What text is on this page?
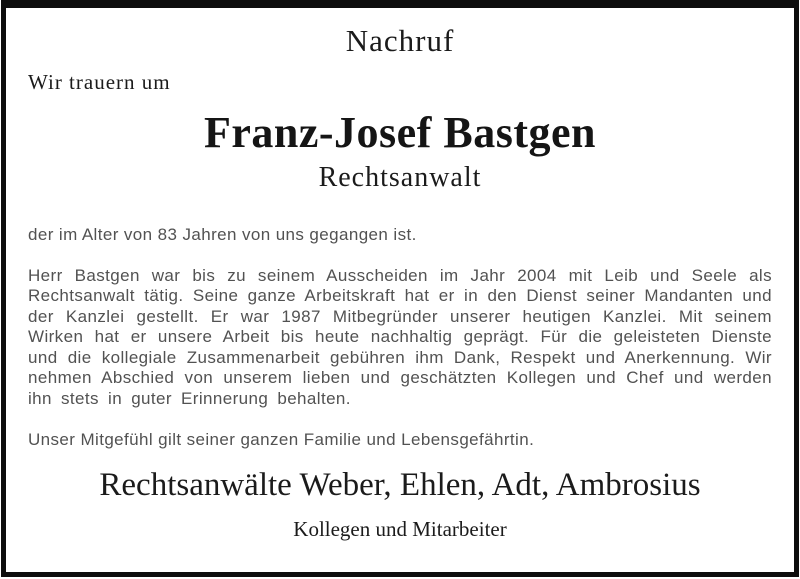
Nachruf
Wir trauern um
Franz-Josef Bastgen
Rechtsanwalt
der im Alter von 83 Jahren von uns gegangen ist.
Herr Bastgen war bis zu seinem Ausscheiden im Jahr 2004 mit Leib und Seele als Rechtsanwalt tätig. Seine ganze Arbeitskraft hat er in den Dienst seiner Mandanten und der Kanzlei gestellt. Er war 1987 Mitbegründer unserer heutigen Kanzlei. Mit seinem Wirken hat er unsere Arbeit bis heute nachhaltig geprägt. Für die geleisteten Dienste und die kollegiale Zusammenarbeit gebühren ihm Dank, Respekt und Anerkennung. Wir nehmen Abschied von unserem lieben und geschätzten Kollegen und Chef und werden ihn stets in guter Erinnerung behalten.
Unser Mitgefühl gilt seiner ganzen Familie und Lebensgefährtin.
Rechtsanwälte Weber, Ehlen, Adt, Ambrosius
Kollegen und Mitarbeiter
